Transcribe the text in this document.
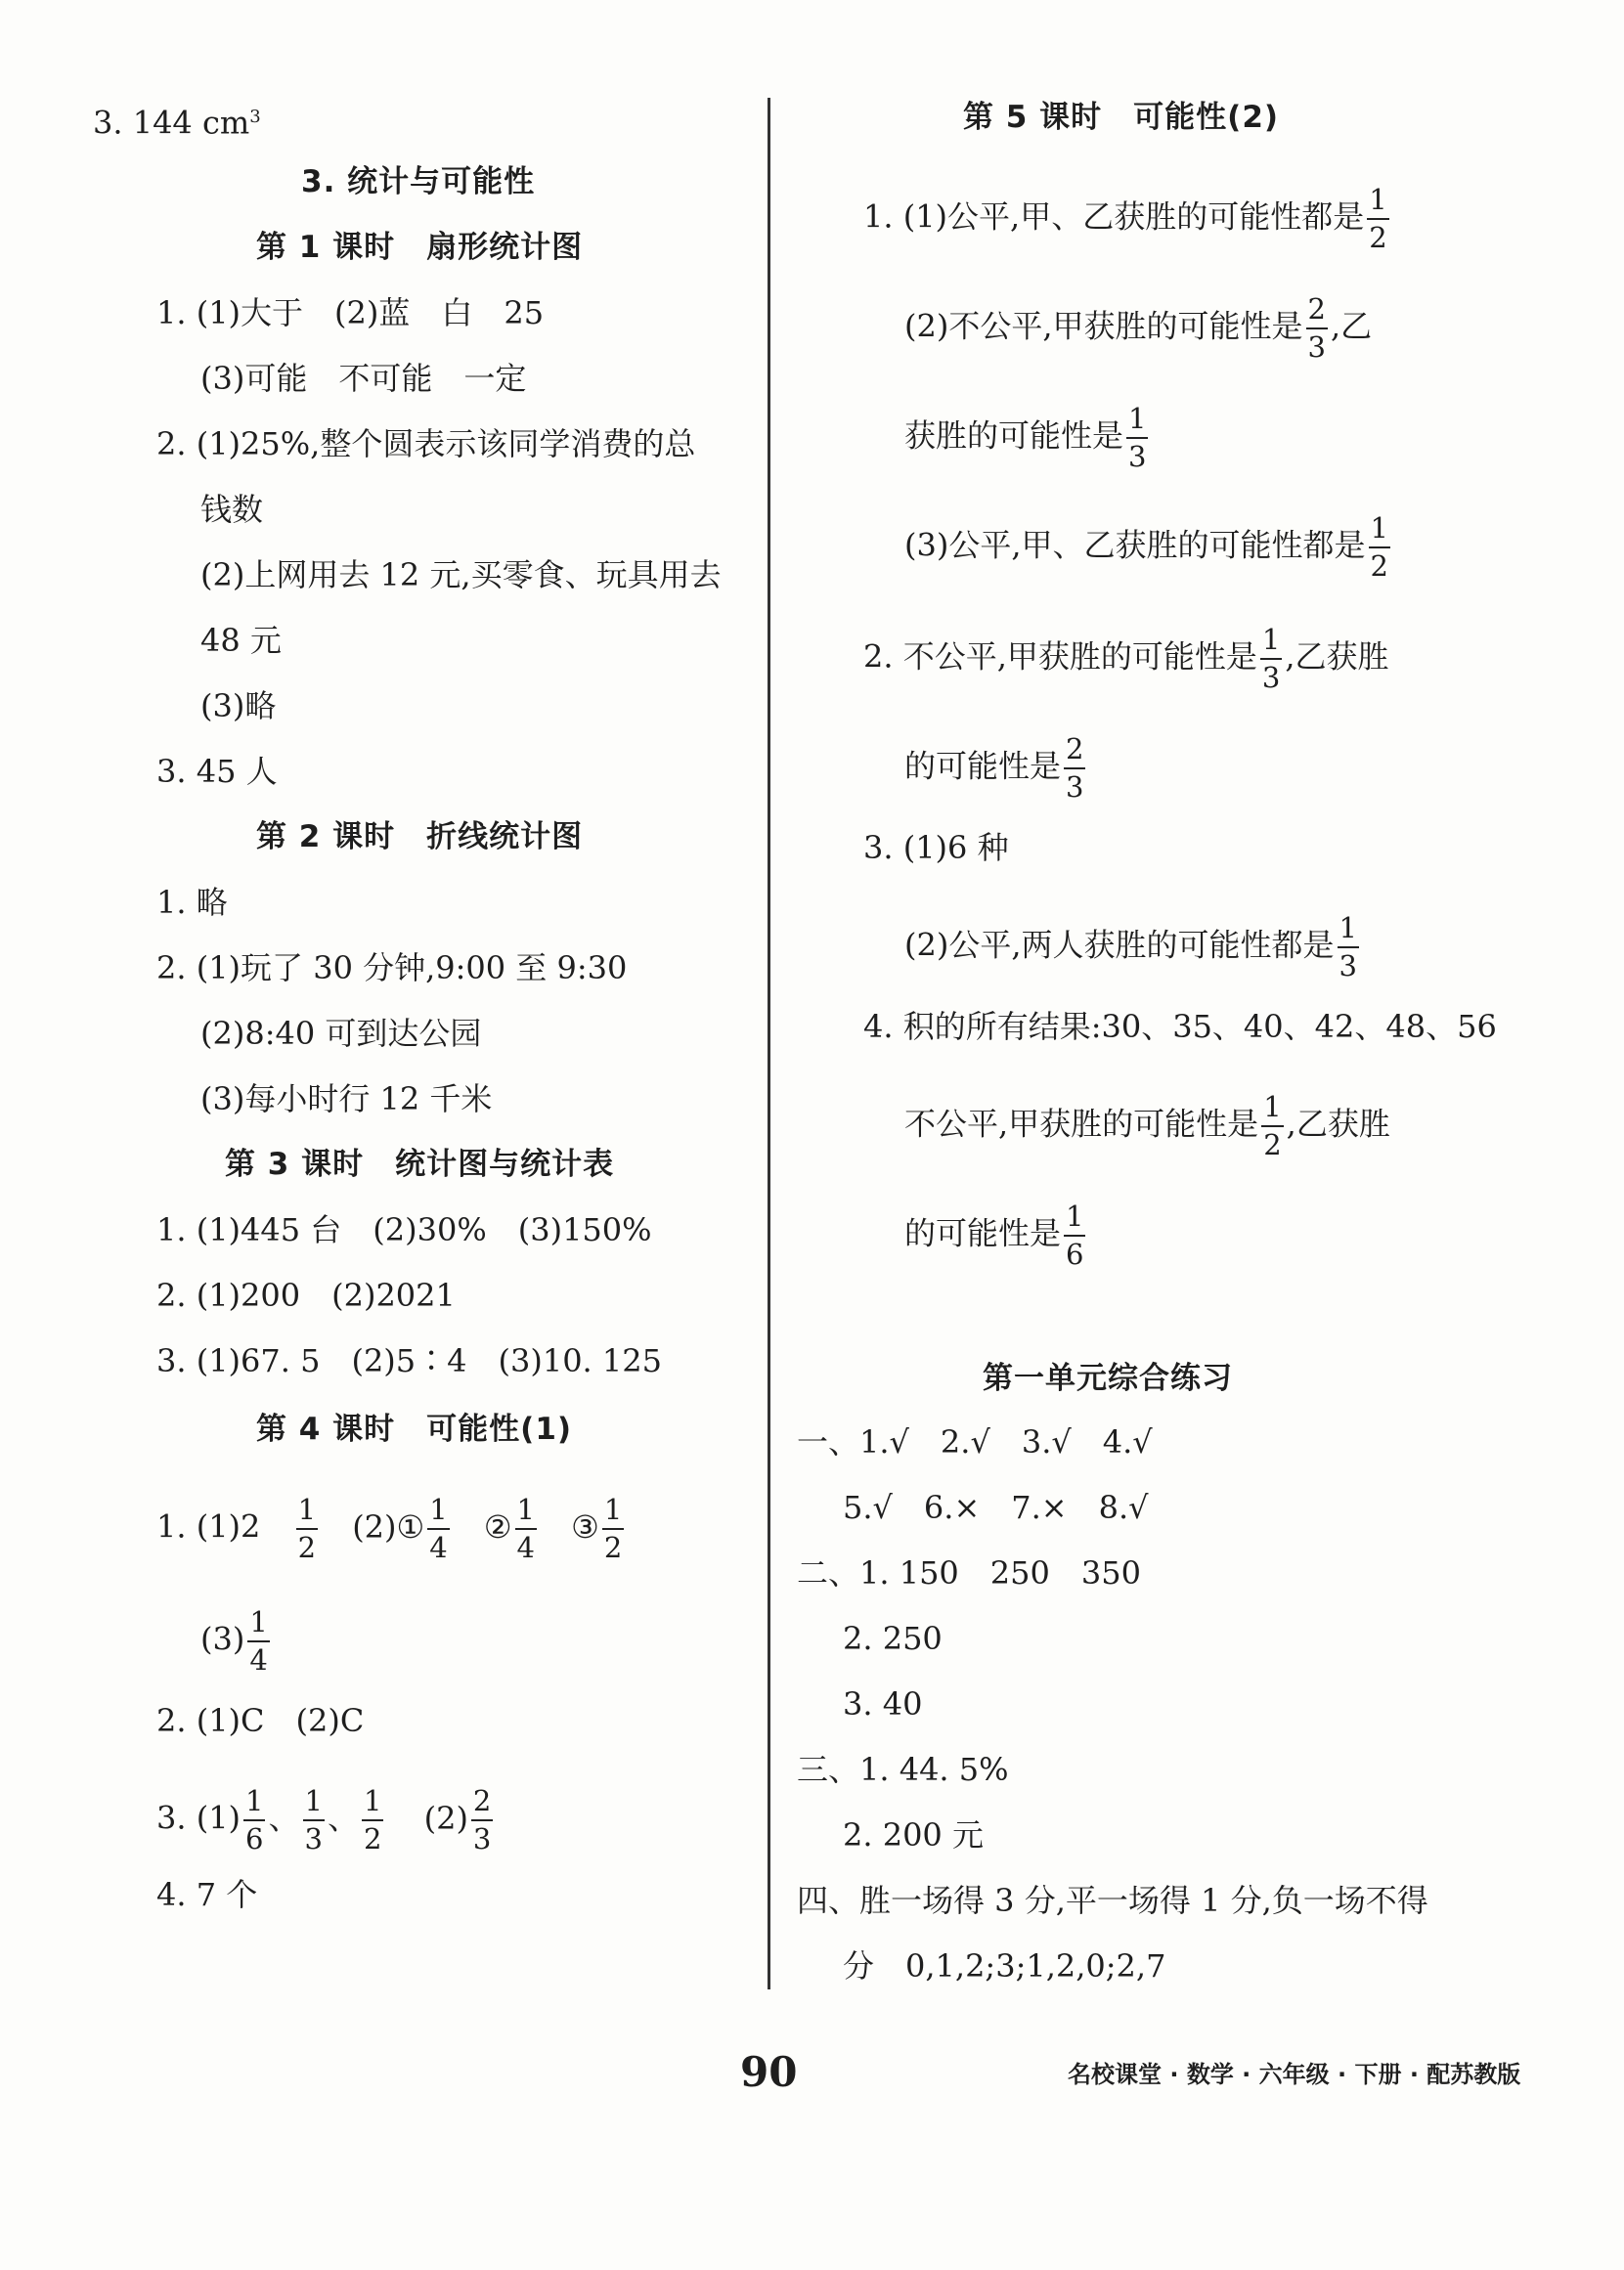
3. 144 $cm^3$
3. 统计与可能性
第 1 课时　扇形统计图
1. (1)大于　(2)蓝　白　25
(3)可能　不可能　一定
2. (1)25%,整个圆表示该同学消费的总
钱数
(2)上网用去 12 元,买零食、玩具用去
48 元
(3)略
3. 45 人
第 2 课时　折线统计图
1. 略
2. (1)玩了 30 分钟,9:00 至 9:30
(2)8:40 可到达公园
(3)每小时行 12 千米
第 3 课时　统计图与统计表
1. (1)445 台　(2)30%　(3)150%
2. (1)200　(2)2021
3. (1)67. 5　(2)5∶4　(3)10. 125
第 4 课时　可能性(1)
1. $(1)2 \frac{1}{2}$ (2)① $\frac{1}{4}$ ② $\frac{1}{4}$ ③ $\frac{1}{2}$
$(3) \frac{1}{4}$
2. (1)C　(2)C
3. $(1) \frac{1}{6}$ 、 $\frac{1}{3}$ 、 $\frac{1}{2} (2) \frac{2}{3}$
4. 7 个
第 5 课时　可能性(2)
1. (1)公平,甲、乙获胜的可能性都是 $\frac{1}{2}$
(2)不公平,甲获胜的可能性是 $\frac{2}{3}$ ,乙
获胜的可能性是 $\frac{1}{3}$
(3)公平,甲、乙获胜的可能性都是 $\frac{1}{2}$
2. 不公平,甲获胜的可能性是 $\frac{1}{3}$ ,乙获胜
的可能性是 $\frac{2}{3}$
3. (1)6 种
(2)公平,两人获胜的可能性都是 $\frac{1}{3}$
4. 积的所有结果:30、35、40、42、48、56
不公平,甲获胜的可能性是 $\frac{1}{2}$ ,乙获胜
的可能性是 $\frac{1}{6}$
第一单元综合练习
一、1.√　2.√　3.√　4.√
5.√　6.×　7.×　8.√
二、1. 150　250　350
2. 250
3. 40
三、1. 44. 5%
2. 200 元
四、胜一场得 3 分,平一场得 1 分,负一场不得
分　0,1,2;3;1,2,0;2,7
90	名校课堂 · 数学 · 六年级 · 下册 · 配苏教版
